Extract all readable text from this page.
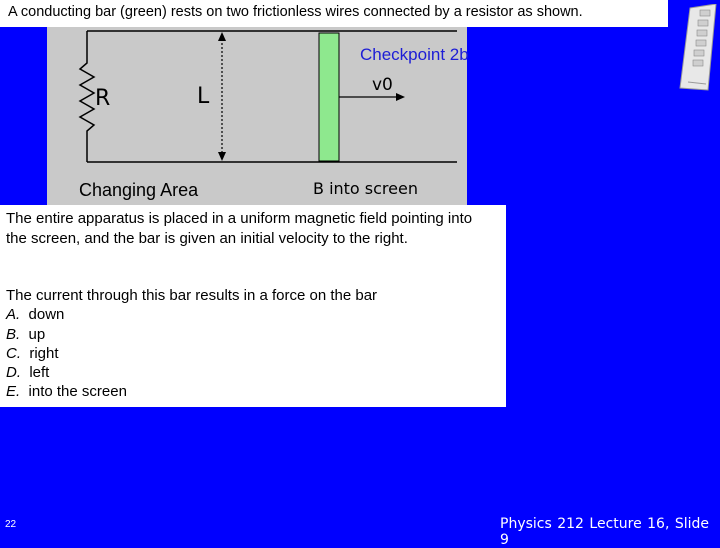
A conducting bar (green) rests on two frictionless wires connected by a resistor as shown.
R	L	v0
Checkpoint 2b
Changing Area	B into screen
The entire apparatus is placed in a uniform magnetic field pointing into the screen, and the bar is given an initial velocity to the right.
The current through this bar results in a force on the bar
A. down
B. up
C. right
D. left
E. into the screen
22	Physics 212 Lecture 16, Slide 9
